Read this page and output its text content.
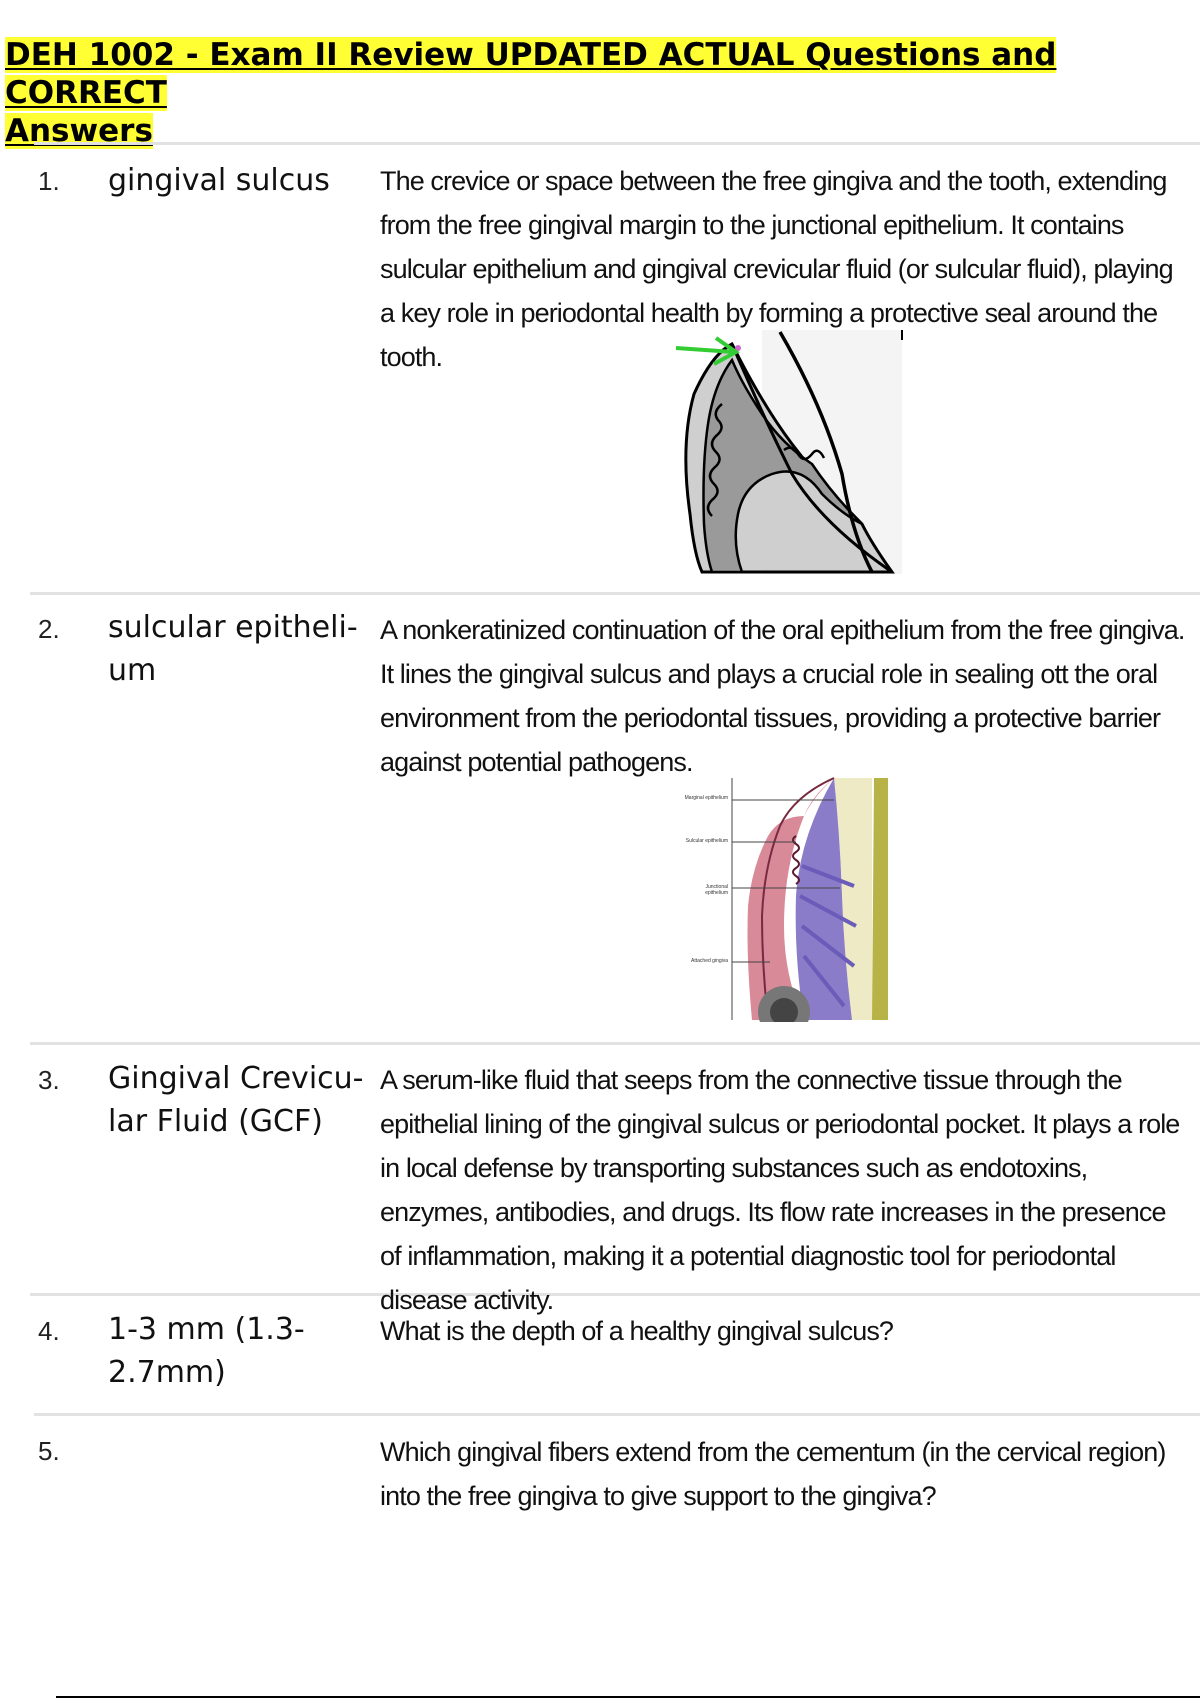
DEH 1002 - Exam II Review UPDATED ACTUAL Questions and CORRECT
Answers
1. gingival sulcus	The crevice or space between the free gingiva and the tooth, extending from the free gingival margin to the junctional epithelium. It contains sulcular epithelium and gingival crevicular fluid (or sulcular fluid), playing a key role in periodontal health by forming a protective seal around the tooth.
2. sulcular epitheli-um
A nonkeratinized continuation of the oral epithelium from the free gingiva. It lines the gingival sulcus and plays a crucial role in sealing ott the oral environment from the periodontal tissues, providing a protective barrier against potential pathogens.
Marginal epithelium
Sulcular epithelium
Junctional epithelium
Attached gingiva
3. Gingival Crevicu-lar Fluid (GCF)
A serum-like fluid that seeps from the connective tissue through the epithelial lining of the gingival sulcus or periodontal pocket. It plays a role in local defense by transporting substances such as endotoxins, enzymes, antibodies, and drugs. Its flow rate increases in the presence of inflammation, making it a potential diagnostic tool for periodontal disease activity.
4. 1-3 mm (1.3-2.7mm)
What is the depth of a healthy gingival sulcus?
5.	Which gingival fibers extend from the cementum (in the cervical region) into the free gingiva to give support to the gingiva?
